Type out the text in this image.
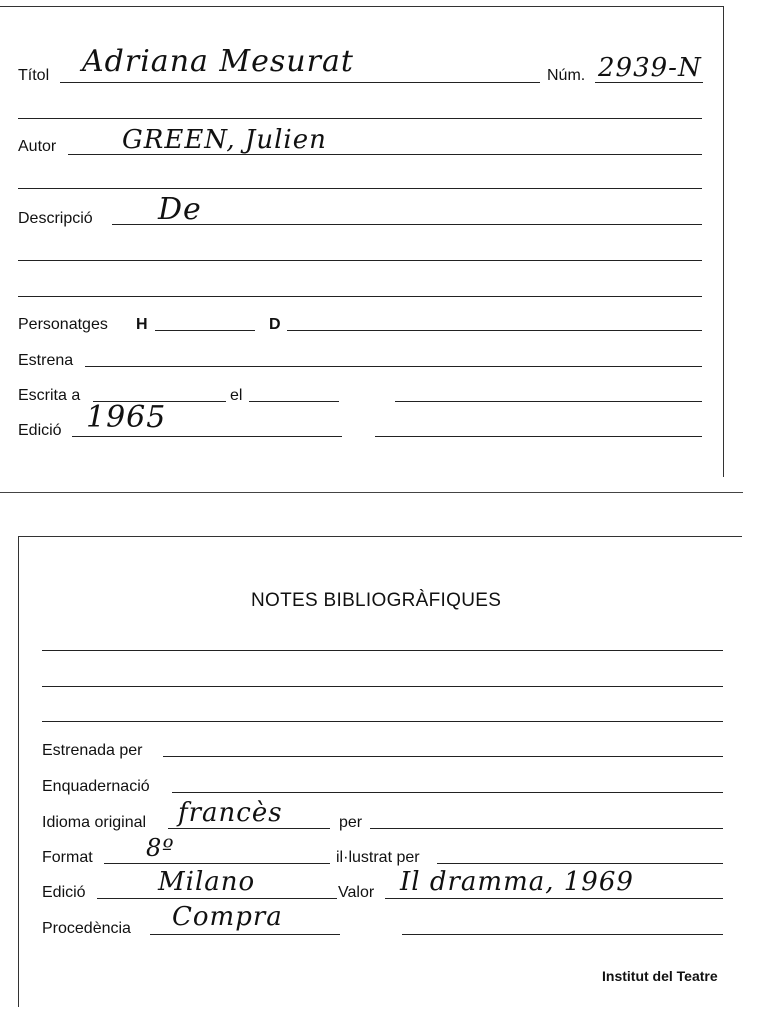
Títol Adriana Mesurat	Núm. 2939-N
Autor	GREEN, Julien
Descripció De
Personatges H	D
Estrena
Escrita a	el
Edició 1965
NOTES BIBLIOGRÀFIQUES
Estrenada per
Enquadernació
Idioma original francès	per
Format 8º	il·lustrat per
Edició	Milano	Valor Il dramma, 1969
Procedència Compra
Institut del Teatre
